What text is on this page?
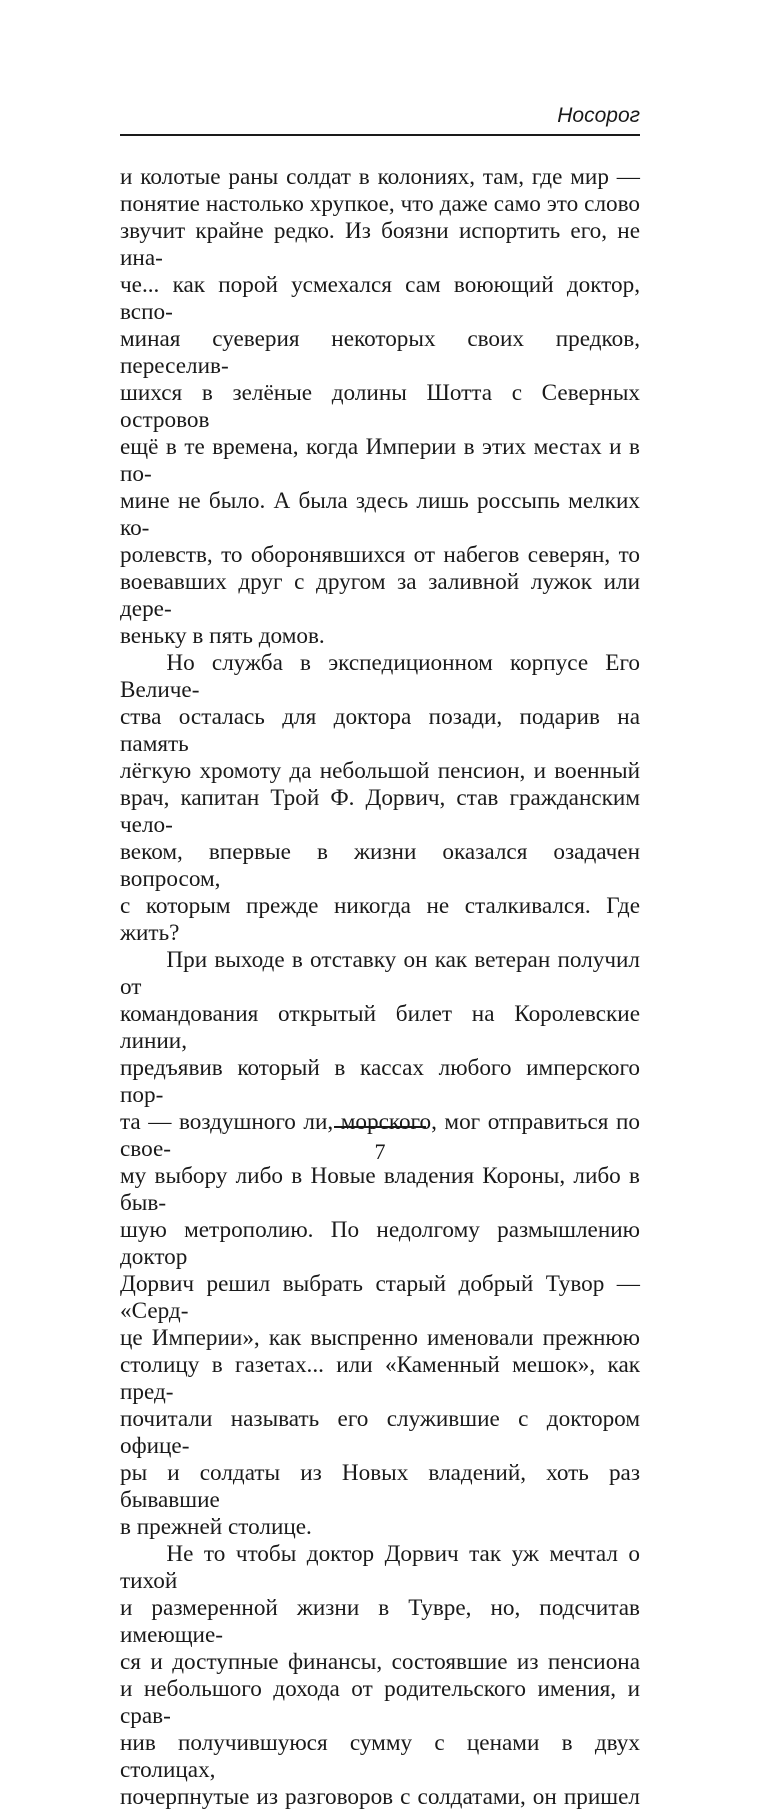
Носорог

и колотые раны солдат в колониях, там, где мир —

понятие настолько хрупкое, что даже само это слово

звучит крайне редко. Из боязни испортить его, не ина-

че... как порой усмехался сам воюющий доктор, вспо-

миная суеверия некоторых своих предков, переселив-

шихся в зелёные долины Шотта с Северных островов

ещё в те времена, когда Империи в этих местах и в по-

мине не было. А была здесь лишь россыпь мелких ко-

ролевств, то оборонявшихся от набегов северян, то

воевавших друг с другом за заливной лужок или дере-

веньку в пять домов.

Но служба в экспедиционном корпусе Его Величе-

ства осталась для доктора позади, подарив на память

лёгкую хромоту да небольшой пенсион, и военный

врач, капитан Трой Ф. Дорвич, став гражданским чело-

веком, впервые в жизни оказался озадачен вопросом,

с которым прежде никогда не сталкивался. Где жить?

При выходе в отставку он как ветеран получил от

командования открытый билет на Королевские линии,

предъявив который в кассах любого имперского пор-

та — воздушного ли, морского, мог отправиться по свое-

му выбору либо в Новые владения Короны, либо в быв-

шую метрополию. По недолгому размышлению доктор

Дорвич решил выбрать старый добрый Тувор — «Серд-

це Империи», как выспренно именовали прежнюю

столицу в газетах... или «Каменный мешок», как пред-

почитали называть его служившие с доктором офице-

ры и солдаты из Новых владений, хоть раз бывавшие

в прежней столице.

Не то чтобы доктор Дорвич так уж мечтал о тихой

и размеренной жизни в Тувре, но, подсчитав имеющие-

ся и доступные финансы, состоявшие из пенсиона

и небольшого дохода от родительского имения, и срав-

нив получившуюся сумму с ценами в двух столицах,

почерпнутые из разговоров с солдатами, он пришел

7
